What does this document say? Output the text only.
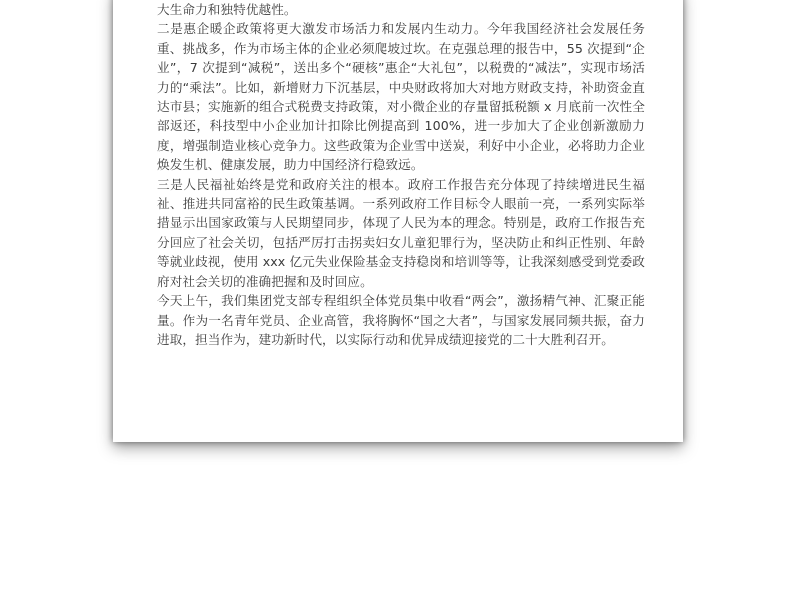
大生命力和独特优越性。

二是惠企暖企政策将更大激发市场活力和发展内生动力。今年我国经济社会发展任务重、挑战多，作为市场主体的企业必须爬坡过坎。在克强总理的报告中，55 次提到“企业”，7 次提到“减税”，送出多个“硬核”惠企“大礼包”，以税费的“减法”，实现市场活力的“乘法”。比如，新增财力下沉基层，中央财政将加大对地方财政支持，补助资金直达市县；实施新的组合式税费支持政策，对小微企业的存量留抵税额 x 月底前一次性全部返还，科技型中小企业加计扣除比例提高到 100%，进一步加大了企业创新激励力度，增强制造业核心竞争力。这些政策为企业雪中送炭，利好中小企业，必将助力企业焕发生机、健康发展，助力中国经济行稳致远。

三是人民福祉始终是党和政府关注的根本。政府工作报告充分体现了持续增进民生福祉、推进共同富裕的民生政策基调。一系列政府工作目标令人眼前一亮，一系列实际举措显示出国家政策与人民期望同步，体现了人民为本的理念。特别是，政府工作报告充分回应了社会关切，包括严厉打击拐卖妇女儿童犯罪行为，坚决防止和纠正性别、年龄等就业歧视，使用 xxx 亿元失业保险基金支持稳岗和培训等等，让我深刻感受到党委政府对社会关切的准确把握和及时回应。

今天上午，我们集团党支部专程组织全体党员集中收看“两会”，激扬精气神、汇聚正能量。作为一名青年党员、企业高管，我将胸怀“国之大者”，与国家发展同频共振，奋力进取，担当作为，建功新时代，以实际行动和优异成绩迎接党的二十大胜利召开。
